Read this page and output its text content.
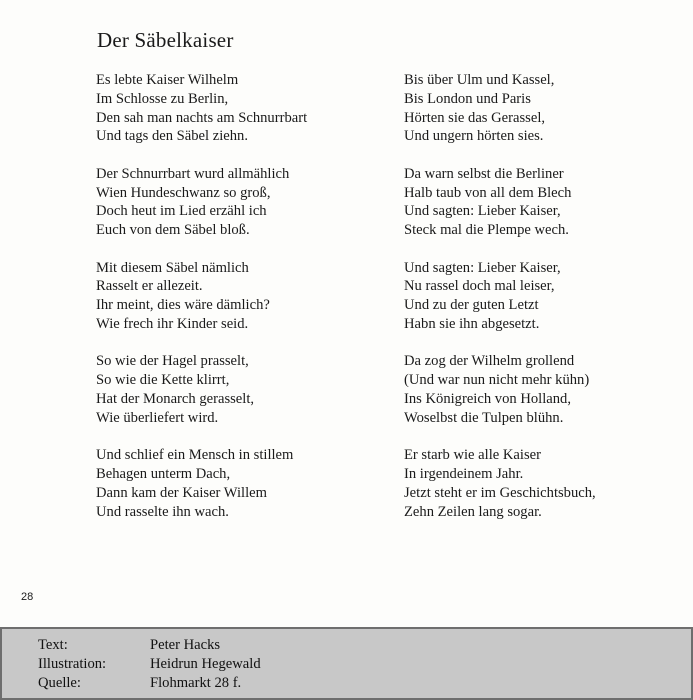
Der Säbelkaiser
Es lebte Kaiser Wilhelm
Im Schlosse zu Berlin,
Den sah man nachts am Schnurrbart
Und tags den Säbel ziehn.
Der Schnurrbart wurd allmählich
Wien Hundeschwanz so groß,
Doch heut im Lied erzähl ich
Euch von dem Säbel bloß.
Mit diesem Säbel nämlich
Rasselt er allezeit.
Ihr meint, dies wäre dämlich?
Wie frech ihr Kinder seid.
So wie der Hagel prasselt,
So wie die Kette klirrt,
Hat der Monarch gerasselt,
Wie überliefert wird.
Und schlief ein Mensch in stillem
Behagen unterm Dach,
Dann kam der Kaiser Willem
Und rasselte ihn wach.
Bis über Ulm und Kassel,
Bis London und Paris
Hörten sie das Gerassel,
Und ungern hörten sies.
Da warn selbst die Berliner
Halb taub von all dem Blech
Und sagten: Lieber Kaiser,
Steck mal die Plempe wech.
Und sagten: Lieber Kaiser,
Nu rassel doch mal leiser,
Und zu der guten Letzt
Habn sie ihn abgesetzt.
Da zog der Wilhelm grollend
(Und war nun nicht mehr kühn)
Ins Königreich von Holland,
Woselbst die Tulpen blühn.
Er starb wie alle Kaiser
In irgendeinem Jahr.
Jetzt steht er im Geschichtsbuch,
Zehn Zeilen lang sogar.
28
Text:	Peter Hacks
Illustration:	Heidrun Hegewald
Quelle:	Flohmarkt 28 f.
